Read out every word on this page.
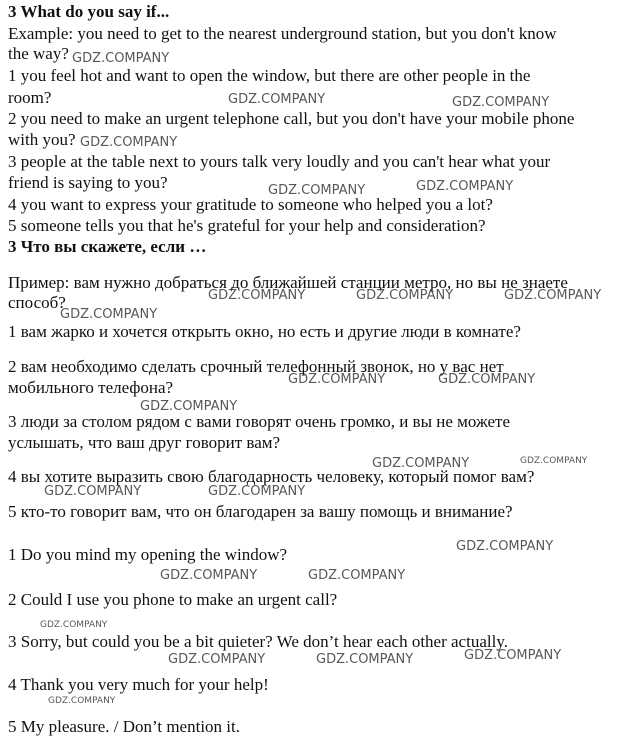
3 What do you say if...
Example: you need to get to the nearest underground station, but you don't know
the way?
1 you feel hot and want to open the window, but there are other people in the
room?
2 you need to make an urgent telephone call, but you don't have your mobile phone
with you?
3 people at the table next to yours talk very loudly and you can't hear what your
friend is saying to you?
4 you want to express your gratitude to someone who helped you a lot?
5 someone tells you that he's grateful for your help and consideration?
3 Что вы скажете, если …
Пример: вам нужно добраться до ближайшей станции метро, но вы не знаете
способ?
1 вам жарко и хочется открыть окно, но есть и другие люди в комнате?
2 вам необходимо сделать срочный телефонный звонок, но у вас нет
мобильного телефона?
3 люди за столом рядом с вами говорят очень громко, и вы не можете
услышать, что ваш друг говорит вам?
4 вы хотите выразить свою благодарность человеку, который помог вам?
5 кто-то говорит вам, что он благодарен за вашу помощь и внимание?
1 Do you mind my opening the window?
2 Could I use you phone to make an urgent call?
3 Sorry, but could you be a bit quieter? We don’t hear each other actually.
4 Thank you very much for your help!
5 My pleasure. / Don’t mention it.
GDZ.COMPANY
GDZ.COMPANY	GDZ.COMPANY
GDZ.COMPANY
GDZ.COMPANY	GDZ.COMPANY
GDZ.COMPANY	GDZ.COMPANY	GDZ.COMPANY
GDZ.COMPANY
GDZ.COMPANY	GDZ.COMPANY
GDZ.COMPANY
GDZ.COMPANY	GDZ.COMPANY
GDZ.COMPANY	GDZ.COMPANY
GDZ.COMPANY
GDZ.COMPANY	GDZ.COMPANY
GDZ.COMPANY
GDZ.COMPANY	GDZ.COMPANY	GDZ.COMPANY
GDZ.COMPANY
